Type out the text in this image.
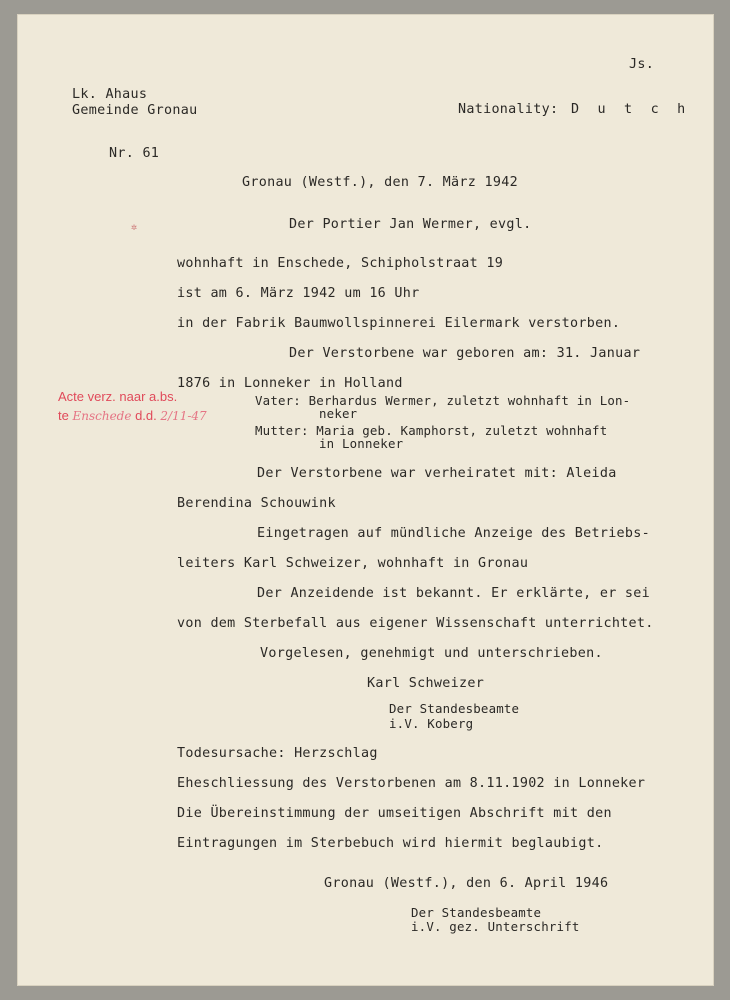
Js.
Lk. Ahaus
Gemeinde Gronau	Nationality: D u t c h
Nr. 61
Gronau (Westf.), den 7. März 1942
✲	Der Portier Jan Wermer, evgl.
wohnhaft in Enschede, Schipholstraat 19
ist am 6. März 1942 um 16 Uhr
in der Fabrik Baumwollspinnerei Eilermark verstorben.
Der Verstorbene war geboren am: 31. Januar
1876 in Lonneker in Holland
Acte verz. naar a.bs.
te Enschede d.d. 2/11-47
Vater: Berhardus Wermer, zuletzt wohnhaft in Lon-
neker
Mutter: Maria geb. Kamphorst, zuletzt wohnhaft
in Lonneker
Der Verstorbene war verheiratet mit: Aleida
Berendina Schouwink
Eingetragen auf mündliche Anzeige des Betriebs-
leiters Karl Schweizer, wohnhaft in Gronau
Der Anzeidende ist bekannt. Er erklärte, er sei
von dem Sterbefall aus eigener Wissenschaft unterrichtet.
Vorgelesen, genehmigt und unterschrieben.
Karl Schweizer
Der Standesbeamte
i.V. Koberg
Todesursache: Herzschlag
Eheschliessung des Verstorbenen am 8.11.1902 in Lonneker
Die Übereinstimmung der umseitigen Abschrift mit den
Eintragungen im Sterbebuch wird hiermit beglaubigt.
Gronau (Westf.), den 6. April 1946
Der Standesbeamte
i.V. gez. Unterschrift
